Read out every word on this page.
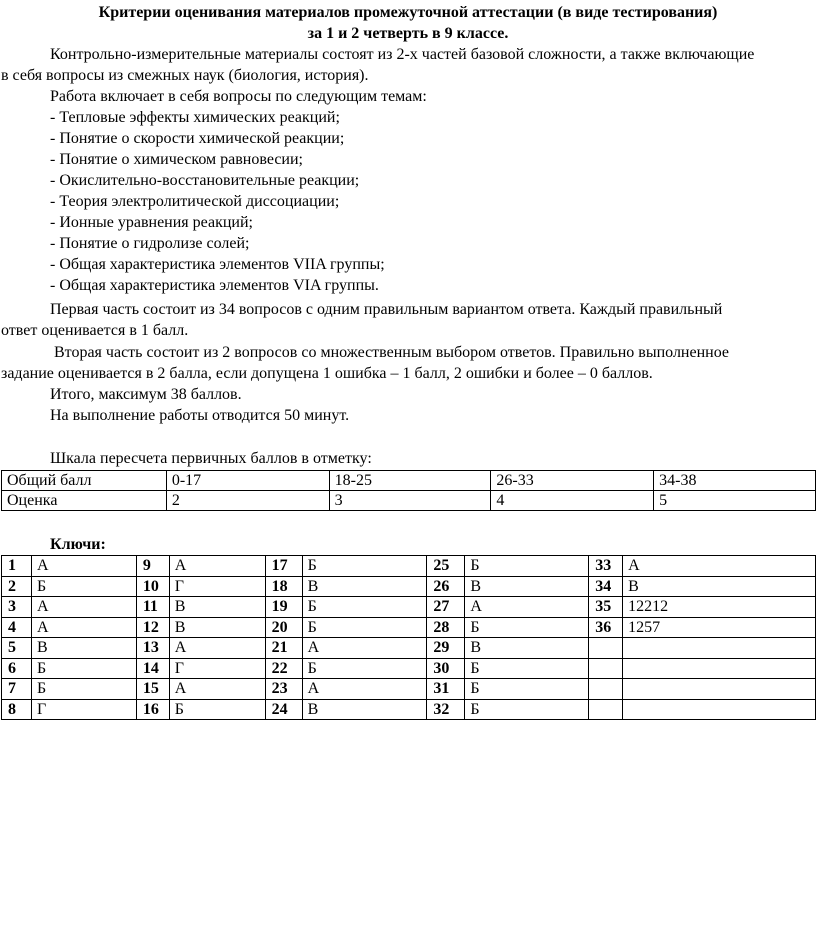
Критерии оценивания материалов промежуточной аттестации (в виде тестирования)
за 1 и 2 четверть в 9 классе.
Контрольно-измерительные материалы состоят из 2-х частей базовой сложности, а также включающие
в себя вопросы из смежных наук (биология, история).
Работа включает в себя вопросы по следующим темам:
- Тепловые эффекты химических реакций;
- Понятие о скорости химической реакции;
- Понятие о химическом равновесии;
- Окислительно-восстановительные реакции;
- Теория электролитической диссоциации;
- Ионные уравнения реакций;
- Понятие о гидролизе солей;
- Общая характеристика элементов VIIA группы;
- Общая характеристика элементов VIA группы.
Первая часть состоит из 34 вопросов с одним правильным вариантом ответа. Каждый правильный
ответ оценивается в 1 балл.
Вторая часть состоит из 2 вопросов со множественным выбором ответов. Правильно выполненное
задание оценивается в 2 балла, если допущена 1 ошибка – 1 балл, 2 ошибки и более – 0 баллов.
Итого, максимум 38 баллов.
На выполнение работы отводится 50 минут.
Шкала пересчета первичных баллов в отметку:
Общий балл	0-17	18-25	26-33	34-38
Оценка	2	3	4	5
Ключи:
1	А	9	А	17	Б	25	Б	33	А
2	Б	10	Г	18	В	26	В	34	В
3	А	11	В	19	Б	27	А	35	12212
4	А	12	В	20	Б	28	Б	36	1257
5	В	13	А	21	А	29	В		
6	Б	14	Г	22	Б	30	Б		
7	Б	15	А	23	А	31	Б		
8	Г	16	Б	24	В	32	Б		
